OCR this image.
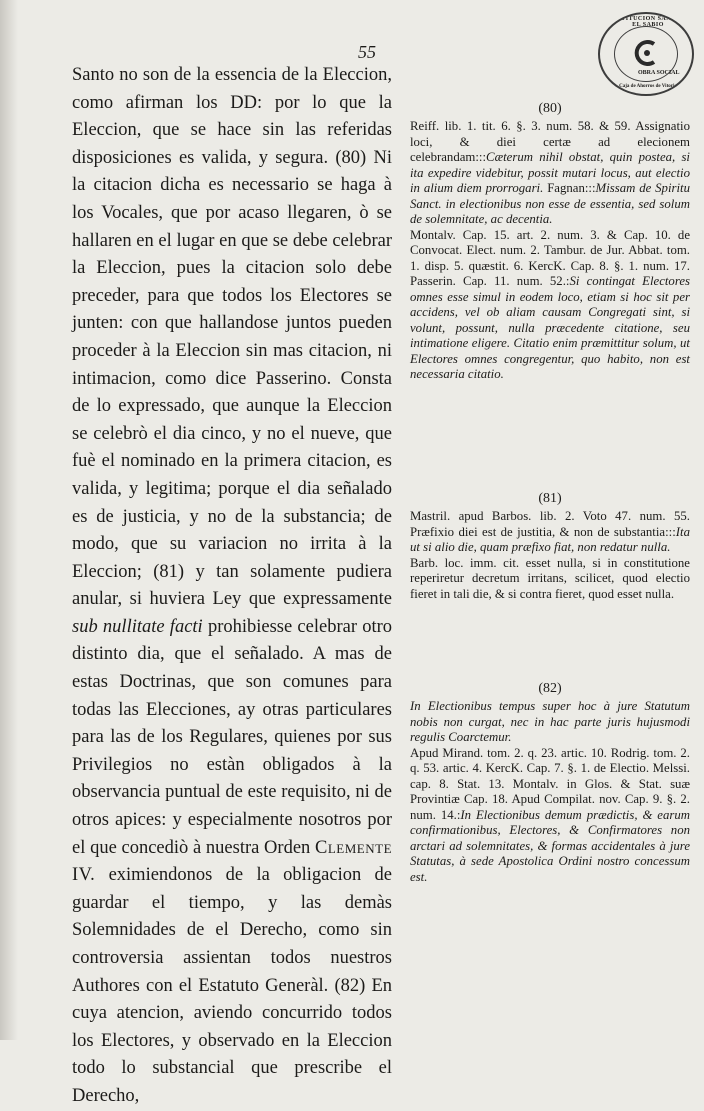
55
INSTITUCION SANCHO EL SABIO
OBRA SOCIAL
Caja de Ahorros de Vitoria

Santo no son de la essencia de la Eleccion, como afirman los DD: por lo que la Eleccion, que se hace sin las referidas disposiciones es valida, y segura. (80) Ni la citacion dicha es necessario se haga à los Vocales, que por acaso llegaren, ò se hallaren en el lugar en que se debe celebrar la Eleccion, pues la citacion solo debe preceder, para que todos los Electores se junten: con que hallandose juntos pueden proceder à la Eleccion sin mas citacion, ni intimacion, como dice Passerino. Consta de lo expressado, que aunque la Eleccion se celebrò el dia cinco, y no el nueve, que fuè el nominado en la primera citacion, es valida, y legitima; porque el dia señalado es de justicia, y no de la substancia; de modo, que su variacion no irrita à la Eleccion; (81) y tan solamente pudiera anular, si huviera Ley que expressamente sub nullitate facti prohibiesse celebrar otro distinto dia, que el señalado. A mas de estas Doctrinas, que son comunes para todas las Elecciones, ay otras particulares para las de los Regulares, quienes por sus Privilegios no estàn obligados à la observancia puntual de este requisito, ni de otros apices: y especialmente nosotros por el que concediò à nuestra Orden Clemente IV. eximiendonos de la obligacion de guardar el tiempo, y las demàs Solemnidades de el Derecho, como sin controversia assientan todos nuestros Authores con el Estatuto Generàl. (82) En cuya atencion, aviendo concurrido todos los Electores, y observado en la Eleccion todo lo substancial que prescribe el Derecho,

(80)

Reiff. lib. 1. tit. 6. §. 3. num. 58. & 59. Assignatio loci, & diei certæ ad elecionem celebrandam:::Cæterum nihil obstat, quin postea, si ita expedire videbitur, possit mutari locus, aut electio in alium diem prorrogari. Fagnan:::Missam de Spiritu Sanct. in electionibus non esse de essentia, sed solum de solemnitate, ac decentia.
Montalv. Cap. 15. art. 2. num. 3. & Cap. 10. de Convocat. Elect. num. 2. Tambur. de Jur. Abbat. tom. 1. disp. 5. quæstit. 6. KercK. Cap. 8. §. 1. num. 17. Passerin. Cap. 11. num. 52.:Si contingat Electores omnes esse simul in eodem loco, etiam si hoc sit per accidens, vel ob aliam causam Congregati sint, si volunt, possunt, nulla præcedente citatione, seu intimatione eligere. Citatio enim præmittitur solum, ut Electores omnes congregentur, quo habito, non est necessaria citatio.

(81)

Mastril. apud Barbos. lib. 2. Voto 47. num. 55. Præfixio diei est de justitia, & non de substantia:::Ita ut si alio die, quam præfixo fiat, non redatur nulla.
Barb. loc. imm. cit. esset nulla, si in constitutione reperiretur decretum irritans, scilicet, quod electio fieret in tali die, & si contra fieret, quod esset nulla.

(82)

In Electionibus tempus super hoc à jure Statutum nobis non curgat, nec in hac parte juris hujusmodi regulis Coarctemur.
Apud Mirand. tom. 2. q. 23. artic. 10. Rodrig. tom. 2. q. 53. artic. 4. KercK. Cap. 7. §. 1. de Electio. Melssi. cap. 8. Stat. 13. Montalv. in Glos. & Stat. suæ Provintiæ Cap. 18. Apud Compilat. nov. Cap. 9. §. 2. num. 14.:In Electionibus demum prædictis, & earum confirmationibus, Electores, & Confirmatores non arctari ad solemnitates, & formas accidentales à jure Statutas, à sede Apostolica Ordini nostro concessum est.
